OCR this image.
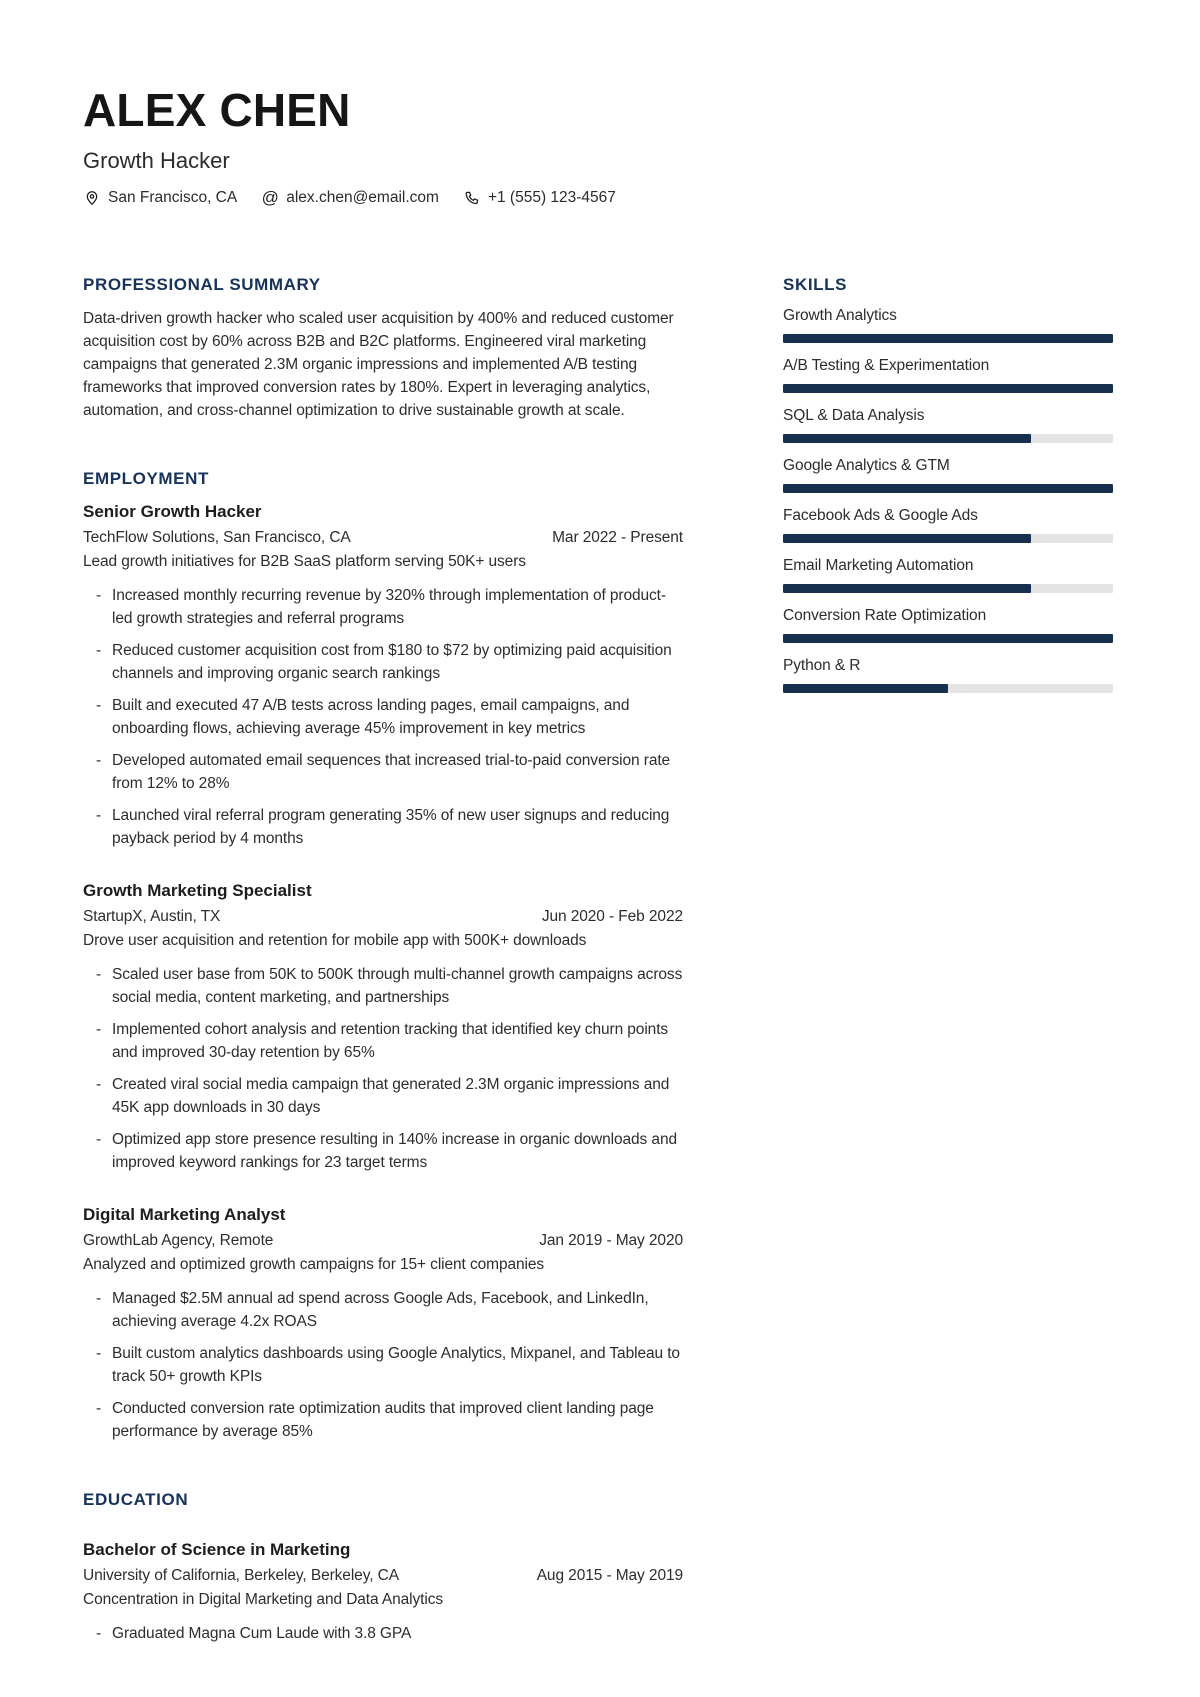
ALEX CHEN
Growth Hacker
San Francisco, CA @ alex.chen@email.com	+1 (555) 123-4567
PROFESSIONAL SUMMARY

Data-driven growth hacker who scaled user acquisition by 400% and reduced customer acquisition cost by 60% across B2B and B2C platforms. Engineered viral marketing campaigns that generated 2.3M organic impressions and implemented A/B testing frameworks that improved conversion rates by 180%. Expert in leveraging analytics, automation, and cross-channel optimization to drive sustainable growth at scale.

EMPLOYMENT
Senior Growth Hacker
TechFlow Solutions, San Francisco, CA	Mar 2022 - Present
Lead growth initiatives for B2B SaaS platform serving 50K+ users
- Increased monthly recurring revenue by 320% through implementation of product-led growth strategies and referral programs
- Reduced customer acquisition cost from $180 to $72 by optimizing paid acquisition channels and improving organic search rankings
- Built and executed 47 A/B tests across landing pages, email campaigns, and onboarding flows, achieving average 45% improvement in key metrics
- Developed automated email sequences that increased trial-to-paid conversion rate from 12% to 28%
- Launched viral referral program generating 35% of new user signups and reducing payback period by 4 months
Growth Marketing Specialist
StartupX, Austin, TX	Jun 2020 - Feb 2022
Drove user acquisition and retention for mobile app with 500K+ downloads
- Scaled user base from 50K to 500K through multi-channel growth campaigns across social media, content marketing, and partnerships
- Implemented cohort analysis and retention tracking that identified key churn points and improved 30-day retention by 65%
- Created viral social media campaign that generated 2.3M organic impressions and 45K app downloads in 30 days
- Optimized app store presence resulting in 140% increase in organic downloads and improved keyword rankings for 23 target terms
Digital Marketing Analyst
GrowthLab Agency, Remote	Jan 2019 - May 2020
Analyzed and optimized growth campaigns for 15+ client companies
- Managed $2.5M annual ad spend across Google Ads, Facebook, and LinkedIn, achieving average 4.2x ROAS
- Built custom analytics dashboards using Google Analytics, Mixpanel, and Tableau to track 50+ growth KPIs
- Conducted conversion rate optimization audits that improved client landing page performance by average 85%
EDUCATION
Bachelor of Science in Marketing
University of California, Berkeley, Berkeley, CA	Aug 2015 - May 2019
Concentration in Digital Marketing and Data Analytics
- Graduated Magna Cum Laude with 3.8 GPA
SKILLS
Growth Analytics
A/B Testing & Experimentation
SQL & Data Analysis
Google Analytics & GTM
Facebook Ads & Google Ads
Email Marketing Automation
Conversion Rate Optimization
Python & R
